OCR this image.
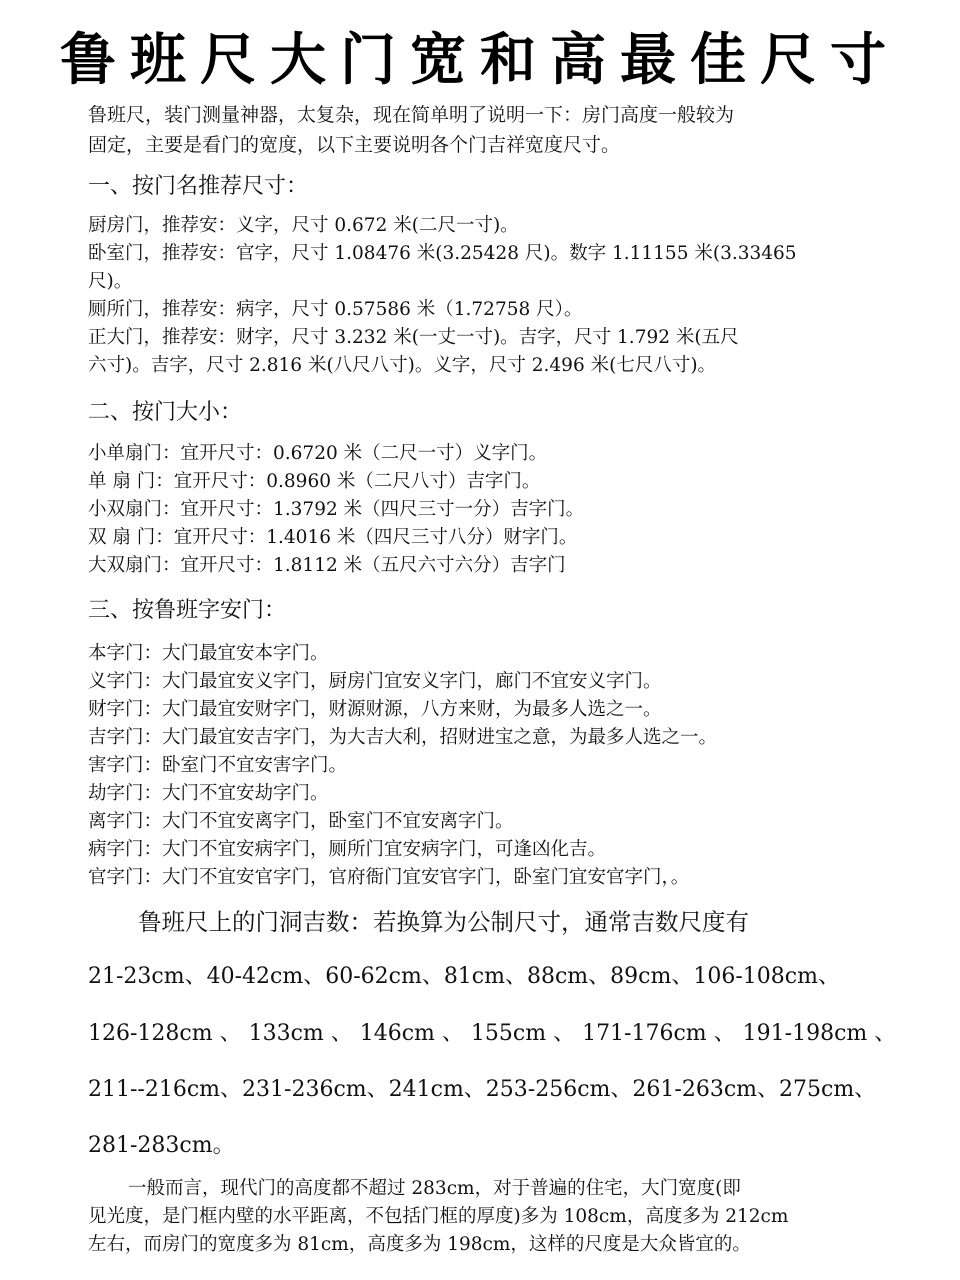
鲁班尺大门宽和高最佳尺寸
鲁班尺，装门测量神器，太复杂，现在简单明了说明一下：房门高度一般较为
固定，主要是看门的宽度，以下主要说明各个门吉祥宽度尺寸。
一、按门名推荐尺寸：
厨房门，推荐安：义字，尺寸 0.672 米(二尺一寸)。
卧室门，推荐安：官字，尺寸 1.08476 米(3.25428 尺)。数字 1.11155 米(3.33465
尺)。
厕所门，推荐安：病字，尺寸 0.57586 米（1.72758 尺）。
正大门，推荐安：财字，尺寸 3.232 米(一丈一寸)。吉字，尺寸 1.792 米(五尺
六寸)。吉字，尺寸 2.816 米(八尺八寸)。义字，尺寸 2.496 米(七尺八寸)。
二、按门大小：
小单扇门：宜开尺寸：0.6720 米（二尺一寸）义字门。
单 扇 门：宜开尺寸：0.8960 米（二尺八寸）吉字门。
小双扇门：宜开尺寸：1.3792 米（四尺三寸一分）吉字门。
双 扇 门：宜开尺寸：1.4016 米（四尺三寸八分）财字门。
大双扇门：宜开尺寸：1.8112 米（五尺六寸六分）吉字门
三、按鲁班字安门：
本字门：大门最宜安本字门。
义字门：大门最宜安义字门，厨房门宜安义字门，廊门不宜安义字门。
财字门：大门最宜安财字门，财源财源，八方来财，为最多人选之一。
吉字门：大门最宜安吉字门，为大吉大利，招财进宝之意，为最多人选之一。
害字门：卧室门不宜安害字门。
劫字门：大门不宜安劫字门。
离字门：大门不宜安离字门，卧室门不宜安离字门。
病字门：大门不宜安病字门，厕所门宜安病字门，可逢凶化吉。
官字门：大门不宜安官字门，官府衙门宜安官字门，卧室门宜安官字门，。
鲁班尺上的门洞吉数：若换算为公制尺寸，通常吉数尺度有
21-23cm、40-42cm、60-62cm、81cm、88cm、89cm、106-108cm、
126-128cm 、 133cm 、 146cm 、 155cm 、 171-176cm 、 191-198cm 、
211--216cm、231-236cm、241cm、253-256cm、261-263cm、275cm、
281-283cm。
一般而言，现代门的高度都不超过 283cm，对于普遍的住宅，大门宽度(即
见光度，是门框内壁的水平距离，不包括门框的厚度)多为 108cm，高度多为 212cm
左右，而房门的宽度多为 81cm，高度多为 198cm，这样的尺度是大众皆宜的。
